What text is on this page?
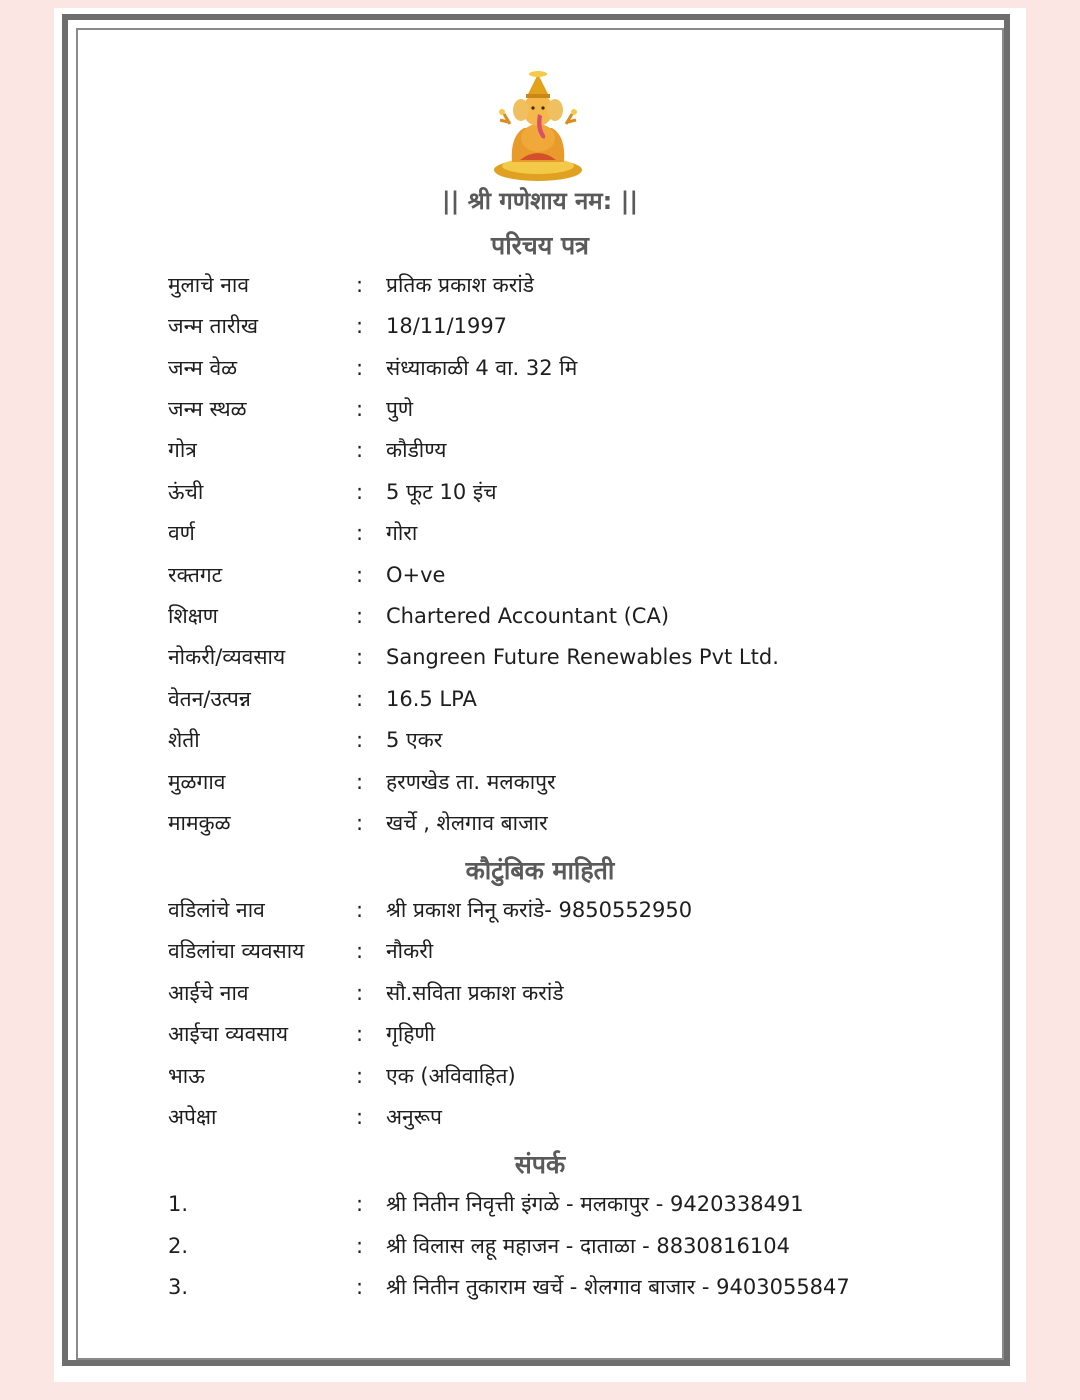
|| श्री गणेशाय नम: ||
परिचय पत्र
मुलाचे नाव	: प्रतिक प्रकाश करांडे
जन्म तारीख	: 18/11/1997
जन्म वेळ	: संध्याकाळी 4 वा. 32 मि
जन्म स्थळ	: पुणे
गोत्र	: कौडीण्य
ऊंची	: 5 फूट 10 इंच
वर्ण	: गोरा
रक्तगट	: O+ve
शिक्षण	: Chartered Accountant (CA)
नोकरी/व्यवसाय	: Sangreen Future Renewables Pvt Ltd.
वेतन/उत्पन्न	: 16.5 LPA
शेती	: 5 एकर
मुळगाव	: हरणखेड ता. मलकापुर
मामकुळ	: खर्चे , शेलगाव बाजार
कौटुंबिक माहिती
वडिलांचे नाव	: श्री प्रकाश निनू करांडे- 9850552950
वडिलांचा व्यवसाय : नौकरी
आईचे नाव	: सौ.सविता प्रकाश करांडे
आईचा व्यवसाय	: गृहिणी
भाऊ	: एक (अविवाहित)
अपेक्षा	: अनुरूप
संपर्क
1.	: श्री नितीन निवृत्ती इंगळे - मलकापुर - 9420338491
2.	: श्री विलास लहू महाजन - दाताळा - 8830816104
3.	: श्री नितीन तुकाराम खर्चे - शेलगाव बाजार - 9403055847
